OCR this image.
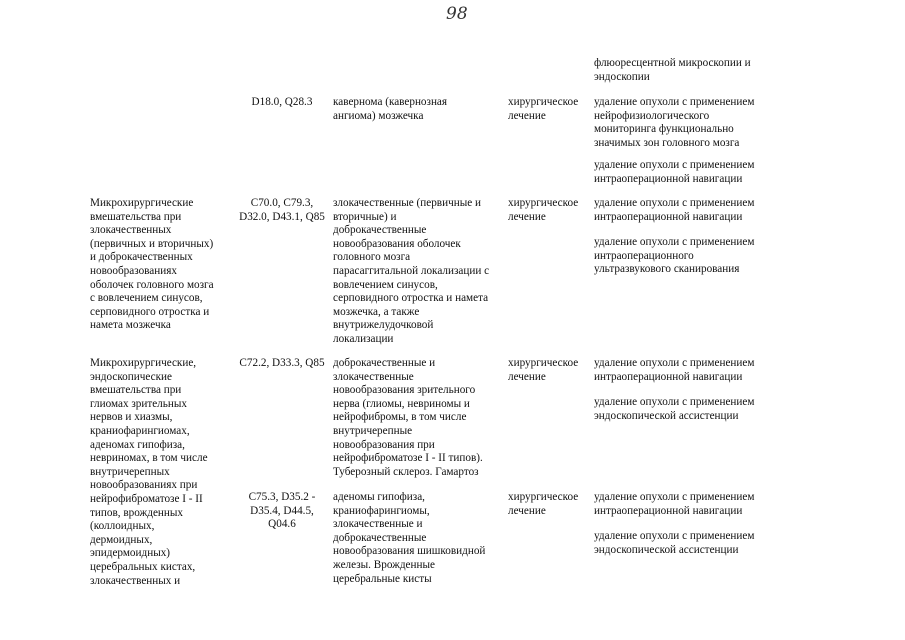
98
флюоресцентной микроскопии и
эндоскопии
D18.0, Q28.3	каверномa (кавернозная
ангиома) мозжечка
хирургическое
лечение
удаление опухоли с применением
нейрофизиологического
мониторинга функционально
значимых зон головного мозга
удаление опухоли с применением
интраоперационной навигации
Микрохирургические
вмешательства при
злокачественных
(первичных и вторичных)
и доброкачественных
новообразованиях
оболочек головного мозга
с вовлечением синусов,
серповидного отростка и
намета мозжечка
C70.0, C79.3,
D32.0, D43.1, Q85
злокачественные (первичные и
вторичные) и
доброкачественные
новообразования оболочек
головного мозга
парасаггитальной локализации с
вовлечением синусов,
серповидного отростка и намета
мозжечка, а также
внутрижелудочковой
локализации
хирургическое
лечение
удаление опухоли с применением
интраоперационной навигации
удаление опухоли с применением
интраоперационного
ультразвукового сканирования
Микрохирургические,
эндоскопические
вмешательства при
глиомах зрительных
нервов и хиазмы,
краниофарингиомах,
аденомах гипофиза,
невриномах, в том числе
внутричерепных
новообразованиях при
нейрофиброматозе I - II
типов, врожденных
(коллоидных,
дермоидных,
эпидермоидных)
церебральных кистах,
злокачественных и
C72.2, D33.3, Q85 доброкачественные и
злокачественные
новообразования зрительного
нерва (глиомы, невриномы и
нейрофибромы, в том числе
внутричерепные
новообразования при
нейрофиброматозе I - II типов).
Туберозный склероз. Гамартоз
хирургическое
лечение
удаление опухоли с применением
интраоперационной навигации
удаление опухоли с применением
эндоскопической ассистенции
C75.3, D35.2 -
D35.4, D44.5,
Q04.6
аденомы гипофиза,
краниофарингиомы,
злокачественные и
доброкачественные
новообразования шишковидной
железы. Врожденные
церебральные кисты
хирургическое
лечение
удаление опухоли с применением
интраоперационной навигации
удаление опухоли с применением
эндоскопической ассистенции
